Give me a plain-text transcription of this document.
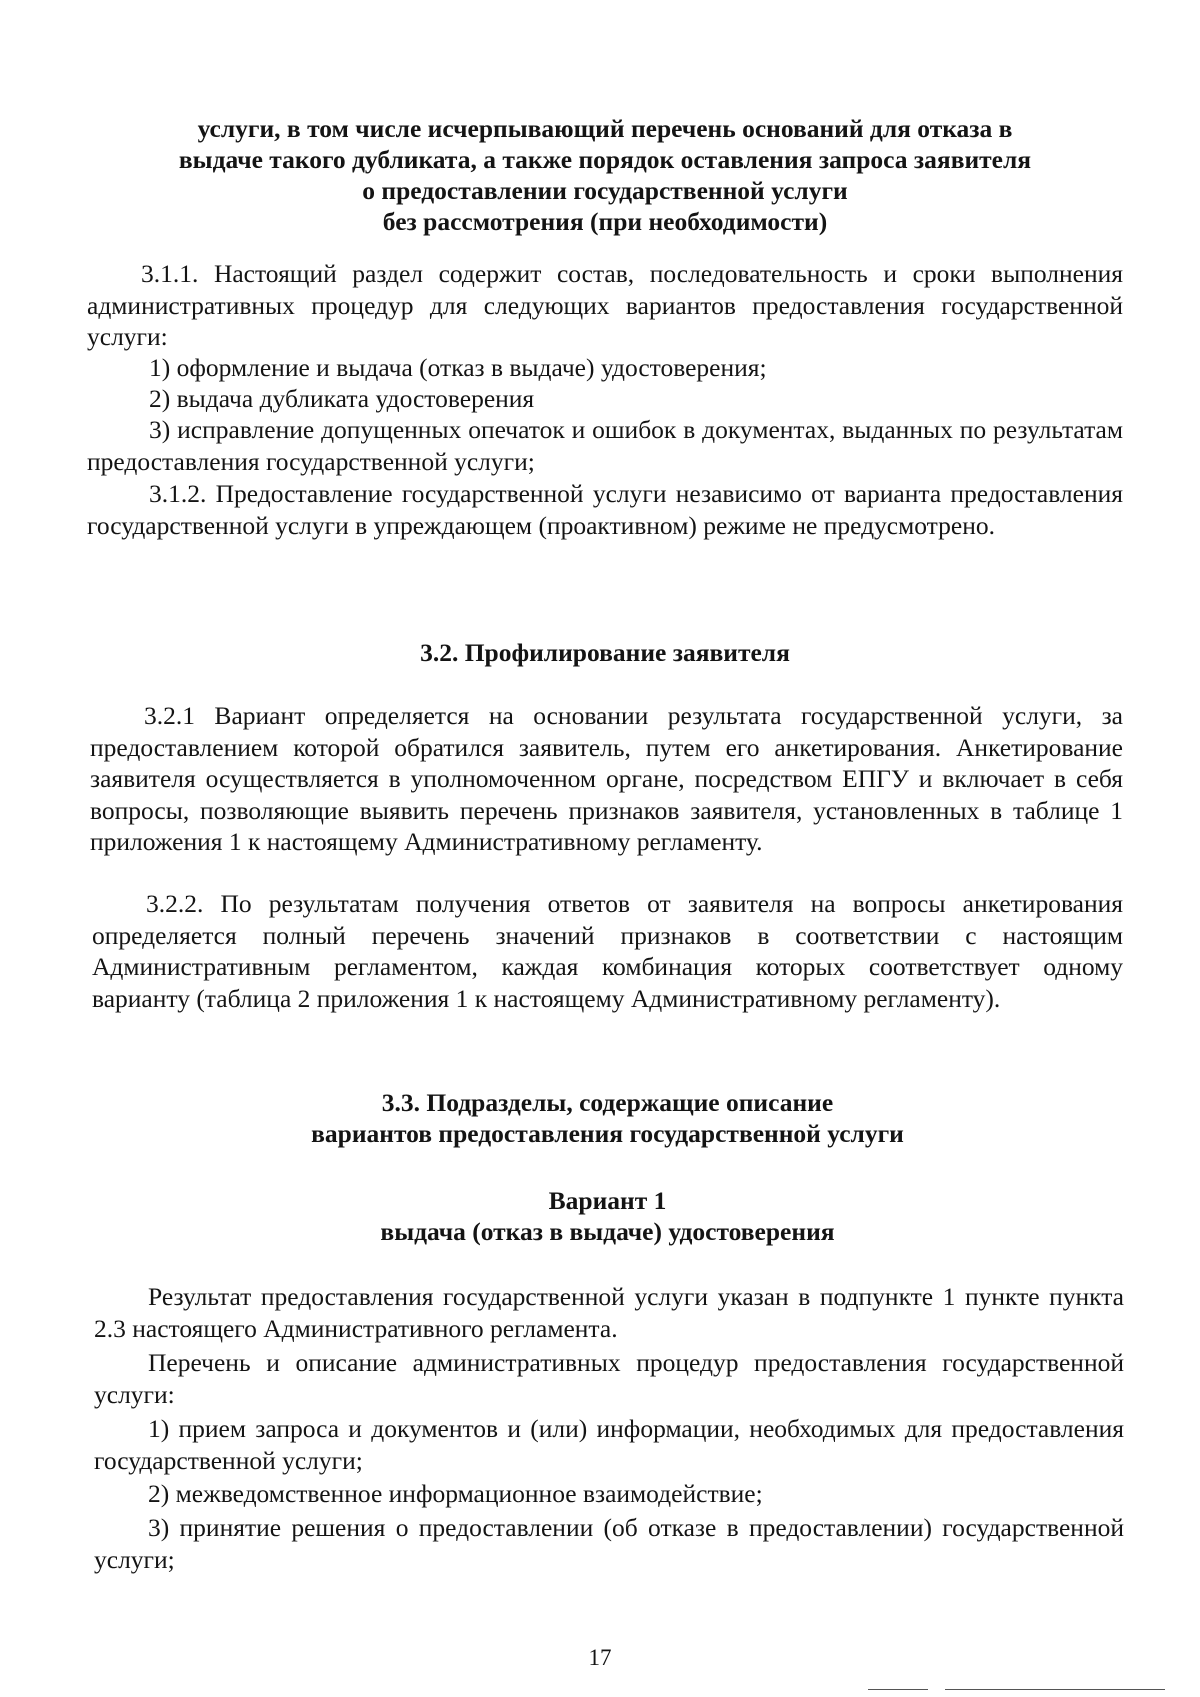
услуги, в том числе исчерпывающий перечень оснований для отказа в
выдаче такого дубликата, а также порядок оставления запроса заявителя
о предоставлении государственной услуги
без рассмотрения (при необходимости)

3.1.1. Настоящий раздел содержит состав, последовательность и сроки выполнения административных процедур для следующих вариантов предоставления государственной услуги:

1) оформление и выдача (отказ в выдаче) удостоверения;

2) выдача дубликата удостоверения

3) исправление допущенных опечаток и ошибок в документах, выданных по результатам предоставления государственной услуги;

3.1.2. Предоставление государственной услуги независимо от варианта предоставления государственной услуги в упреждающем (проактивном) режиме не предусмотрено.

3.2. Профилирование заявителя

3.2.1 Вариант определяется на основании результата государственной услуги, за предоставлением которой обратился заявитель, путем его анкетирования. Анкетирование заявителя осуществляется в уполномоченном органе, посредством ЕПГУ и включает в себя вопросы, позволяющие выявить перечень признаков заявителя, установленных в таблице 1 приложения 1 к настоящему Административному регламенту.

3.2.2. По результатам получения ответов от заявителя на вопросы анкетирования определяется полный перечень значений признаков в соответствии с настоящим Административным регламентом, каждая комбинация которых соответствует одному варианту (таблица 2 приложения 1 к настоящему Административному регламенту).

3.3. Подразделы, содержащие описание
вариантов предоставления государственной услуги
Вариант 1
выдача (отказ в выдаче) удостоверения

Результат предоставления государственной услуги указан в подпункте 1 пункте пункта 2.3 настоящего Административного регламента.

Перечень и описание административных процедур предоставления государственной услуги:

1) прием запроса и документов и (или) информации, необходимых для предоставления государственной услуги;

2) межведомственное информационное взаимодействие;

3) принятие решения о предоставлении (об отказе в предоставлении) государственной услуги;

17
